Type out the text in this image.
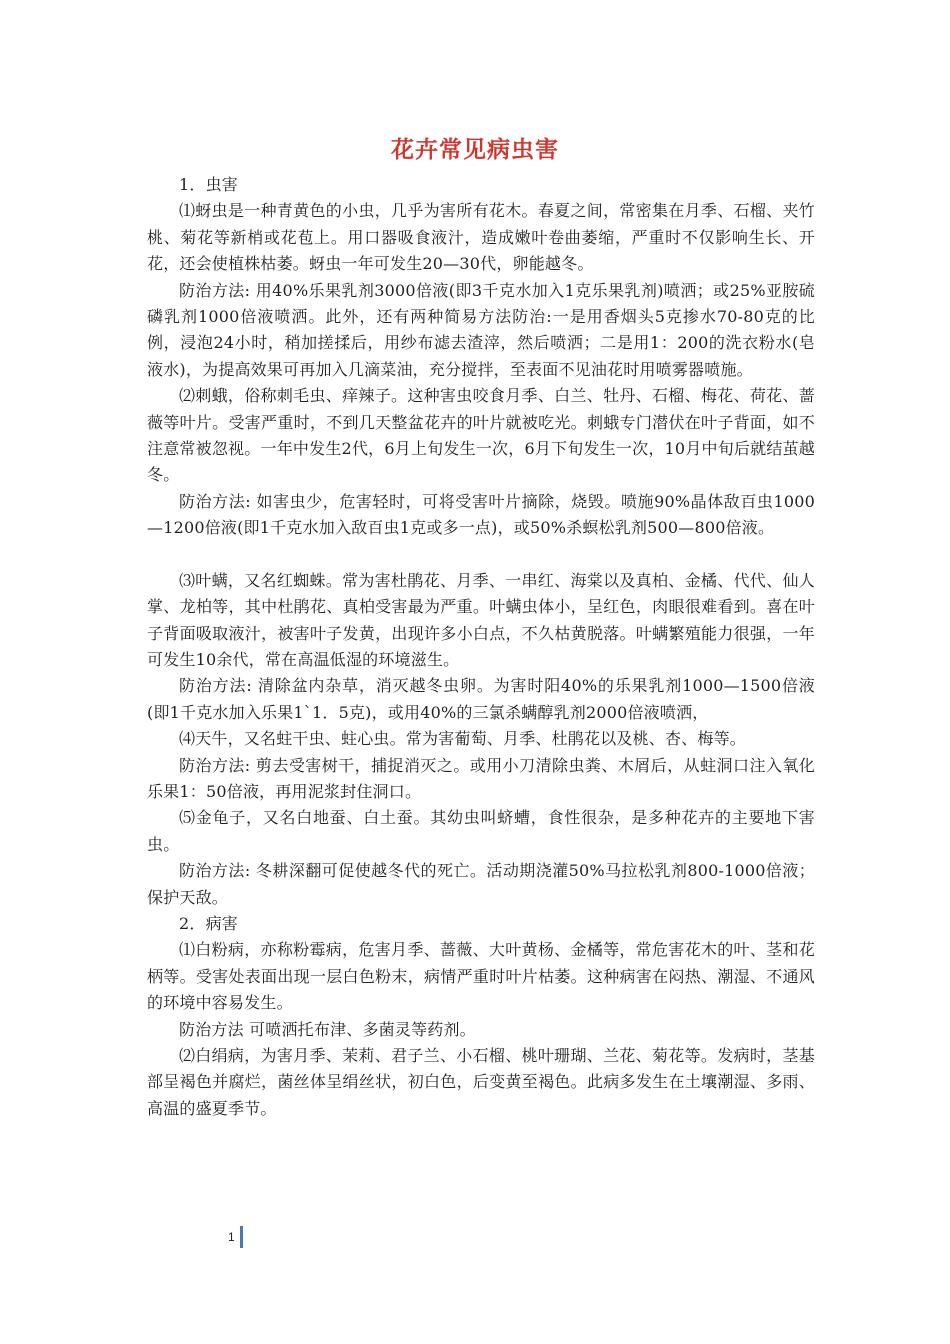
花卉常见病虫害

1．虫害

⑴蚜虫是一种青黄色的小虫，几乎为害所有花木。春夏之间，常密集在月季、石榴、夹竹桃、菊花等新梢或花苞上。用口器吸食液汁，造成嫩叶卷曲萎缩，严重时不仅影响生长、开花，还会使植株枯萎。蚜虫一年可发生20—30代，卵能越冬。

防治方法: 用40%乐果乳剂3000倍液(即3千克水加入1克乐果乳剂)喷洒；或25%亚胺硫磷乳剂1000倍液喷洒。此外，还有两种简易方法防治:一是用香烟头5克掺水70-80克的比例，浸泡24小时，稍加搓揉后，用纱布滤去渣滓，然后喷洒；二是用1：200的洗衣粉水(皂液水)，为提高效果可再加入几滴菜油，充分搅拌，至表面不见油花时用喷雾器喷施。

⑵刺蛾，俗称刺毛虫、痒辣子。这种害虫咬食月季、白兰、牡丹、石榴、梅花、荷花、蔷薇等叶片。受害严重时，不到几天整盆花卉的叶片就被吃光。刺蛾专门潜伏在叶子背面，如不注意常被忽视。一年中发生2代，6月上旬发生一次，6月下旬发生一次，10月中旬后就结茧越冬。

防治方法: 如害虫少，危害轻时，可将受害叶片摘除，烧毁。喷施90%晶体敌百虫1000—1200倍液(即1千克水加入敌百虫1克或多一点)，或50%杀螟松乳剂500—800倍液。

⑶叶螨，又名红蜘蛛。常为害杜鹃花、月季、一串红、海棠以及真柏、金橘、代代、仙人掌、龙柏等，其中杜鹃花、真柏受害最为严重。叶螨虫体小，呈红色，肉眼很难看到。喜在叶子背面吸取液汁，被害叶子发黄，出现许多小白点，不久枯黄脱落。叶螨繁殖能力很强，一年可发生10余代，常在高温低湿的环境滋生。

防治方法: 清除盆内杂草，消灭越冬虫卵。为害时阳40%的乐果乳剂1000—1500倍液(即1千克水加入乐果1`1．5克)，或用40%的三氯杀螨醇乳剂2000倍液喷洒，

⑷天牛，又名蛀干虫、蛀心虫。常为害葡萄、月季、杜鹃花以及桃、杏、梅等。

防治方法: 剪去受害树干，捕捉消灭之。或用小刀清除虫粪、木屑后，从蛀洞口注入氧化乐果1：50倍液，再用泥浆封住洞口。

⑸金龟子，又名白地蚕、白土蚕。其幼虫叫蛴螬，食性很杂，是多种花卉的主要地下害虫。

防治方法: 冬耕深翻可促使越冬代的死亡。活动期浇灌50%马拉松乳剂800-1000倍液；保护天敌。

2．病害

⑴白粉病，亦称粉霉病，危害月季、蔷薇、大叶黄杨、金橘等，常危害花木的叶、茎和花柄等。受害处表面出现一层白色粉末，病情严重时叶片枯萎。这种病害在闷热、潮湿、不通风的环境中容易发生。

防治方法 可喷洒托布津、多菌灵等药剂。

⑵白绢病，为害月季、茉莉、君子兰、小石榴、桃叶珊瑚、兰花、菊花等。发病时，茎基部呈褐色并腐烂，菌丝体呈绢丝状，初白色，后变黄至褐色。此病多发生在土壤潮湿、多雨、高温的盛夏季节。

1
